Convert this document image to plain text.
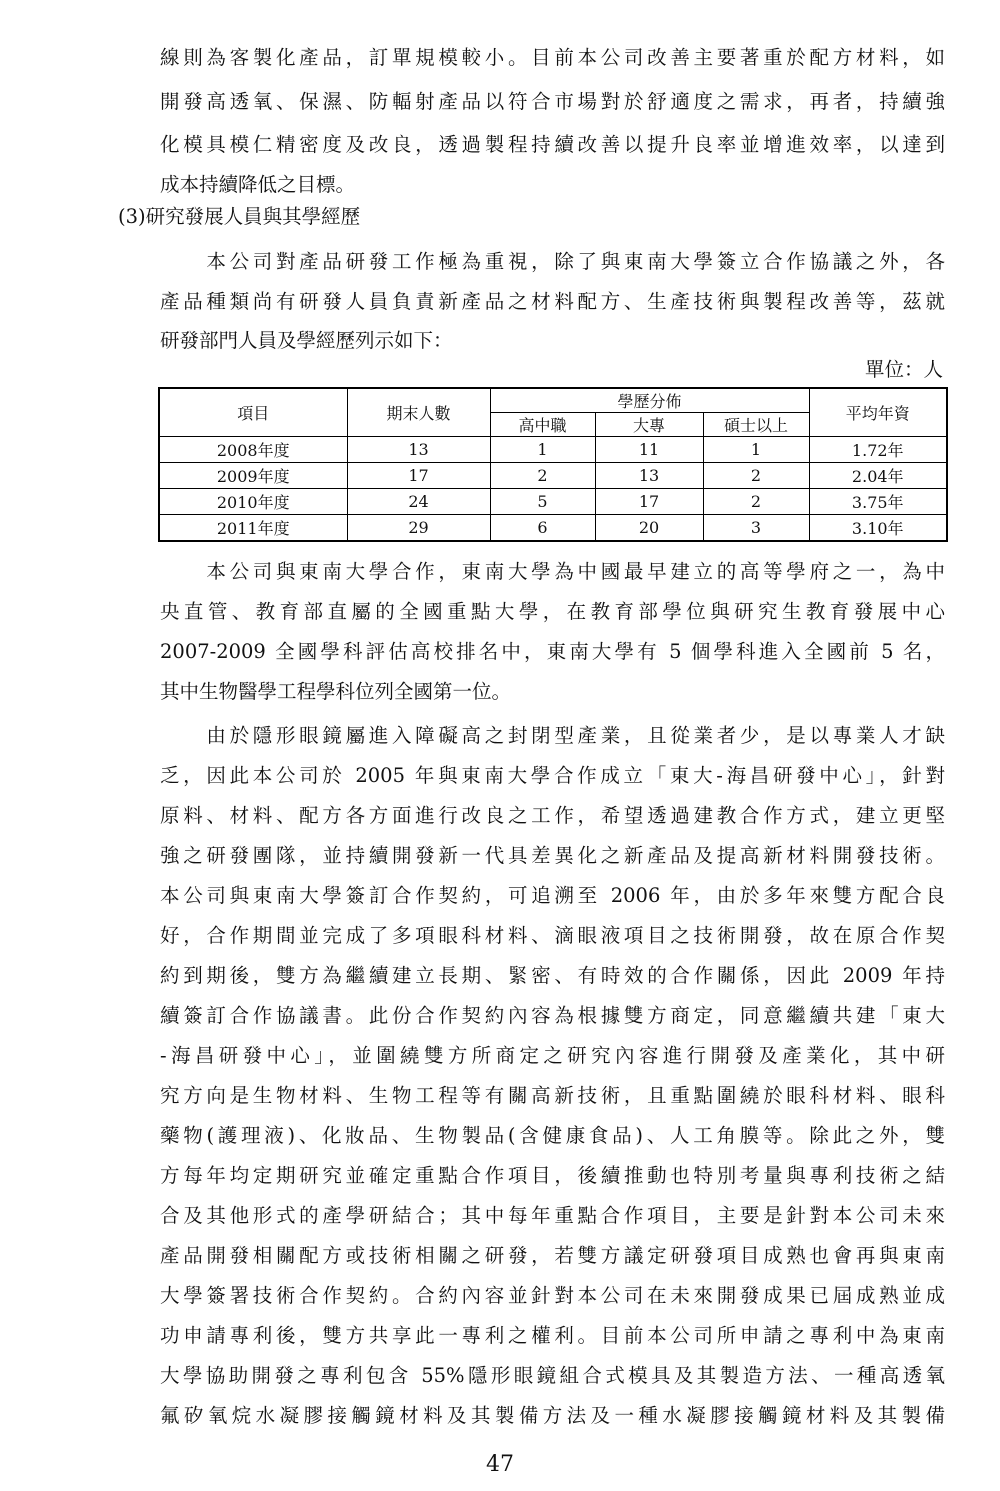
線則為客製化產品，訂單規模較小。目前本公司改善主要著重於配方材料，如
開發高透氧、保濕、防輻射產品以符合市場對於舒適度之需求，再者，持續強
化模具模仁精密度及改良，透過製程持續改善以提升良率並增進效率，以達到
成本持續降低之目標。
(3)研究發展人員與其學經歷
　　本公司對產品研發工作極為重視，除了與東南大學簽立合作協議之外，各
產品種類尚有研發人員負責新產品之材料配方、生產技術與製程改善等，茲就
研發部門人員及學經歷列示如下：
單位：人
項目	期末人數	學歷分佈			平均年資
		高中職	大專	碩士以上	
2008年度	13	1	11	1	1.72年
2009年度	17	2	13	2	2.04年
2010年度	24	5	17	2	3.75年
2011年度	29	6	20	3	3.10年
　　本公司與東南大學合作，東南大學為中國最早建立的高等學府之一，為中
央直管、教育部直屬的全國重點大學，在教育部學位與研究生教育發展中心
2007-2009 全國學科評估高校排名中，東南大學有 5 個學科進入全國前 5 名，
其中生物醫學工程學科位列全國第一位。
　　由於隱形眼鏡屬進入障礙高之封閉型產業，且從業者少，是以專業人才缺
乏，因此本公司於 2005 年與東南大學合作成立「東大-海昌研發中心」，針對
原料、材料、配方各方面進行改良之工作，希望透過建教合作方式，建立更堅
強之研發團隊，並持續開發新一代具差異化之新產品及提高新材料開發技術。
本公司與東南大學簽訂合作契約，可追溯至 2006 年，由於多年來雙方配合良
好，合作期間並完成了多項眼科材料、滴眼液項目之技術開發，故在原合作契
約到期後，雙方為繼續建立長期、緊密、有時效的合作關係，因此 2009 年持
續簽訂合作協議書。此份合作契約內容為根據雙方商定，同意繼續共建「東大
-海昌研發中心」，並圍繞雙方所商定之研究內容進行開發及產業化，其中研
究方向是生物材料、生物工程等有關高新技術，且重點圍繞於眼科材料、眼科
藥物(護理液)、化妝品、生物製品(含健康食品)、人工角膜等。除此之外，雙
方每年均定期研究並確定重點合作項目，後續推動也特別考量與專利技術之結
合及其他形式的產學研結合；其中每年重點合作項目，主要是針對本公司未來
產品開發相關配方或技術相關之研發，若雙方議定研發項目成熟也會再與東南
大學簽署技術合作契約。合約內容並針對本公司在未來開發成果已屆成熟並成
功申請專利後，雙方共享此一專利之權利。目前本公司所申請之專利中為東南
大學協助開發之專利包含 55%隱形眼鏡組合式模具及其製造方法、一種高透氧
氟矽氧烷水凝膠接觸鏡材料及其製備方法及一種水凝膠接觸鏡材料及其製備
47
